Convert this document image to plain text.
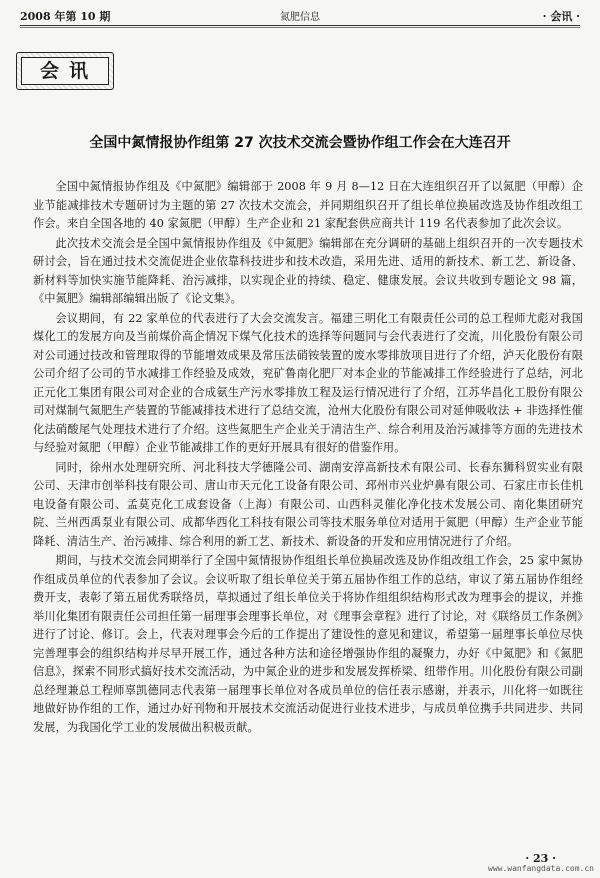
2008 年第 10 期	氮肥信息	· 会讯 ·
会讯
全国中氮情报协作组第 27 次技术交流会暨协作组工作会在大连召开

全国中氮情报协作组及《中氮肥》编辑部于 2008 年 9 月 8—12 日在大连组织召开了以氮肥（甲醇）企业节能减排技术专题研讨为主题的第 27 次技术交流会，并同期组织召开了组长单位换届改选及协作组改组工作会。来自全国各地的 40 家氮肥（甲醇）生产企业和 21 家配套供应商共计 119 名代表参加了此次会议。

此次技术交流会是全国中氮情报协作组及《中氮肥》编辑部在充分调研的基础上组织召开的一次专题技术研讨会，旨在通过技术交流促进企业依靠科技进步和技术改造，采用先进、适用的新技术、新工艺、新设备、新材料等加快实施节能降耗、治污减排，以实现企业的持续、稳定、健康发展。会议共收到专题论文 98 篇，《中氮肥》编辑部编辑出版了《论文集》。

会议期间，有 22 家单位的代表进行了大会交流发言。福建三明化工有限责任公司的总工程师尤彪对我国煤化工的发展方向及当前煤价高企情况下煤气化技术的选择等问题同与会代表进行了交流，川化股份有限公司对公司通过技改和管理取得的节能增效成果及常压法硝铵装置的废水零排放项目进行了介绍，泸天化股份有限公司介绍了公司的节水减排工作经验及成效，兖矿鲁南化肥厂对本企业的节能减排工作经验进行了总结，河北正元化工集团有限公司对企业的合成氨生产污水零排放工程及运行情况进行了介绍，江苏华昌化工股份有限公司对煤制气氮肥生产装置的节能减排技术进行了总结交流，沧州大化股份有限公司对延伸吸收法 + 非选择性催化法硝酸尾气处理技术进行了介绍。这些氮肥生产企业关于清洁生产、综合利用及治污减排等方面的先进技术与经验对氮肥（甲醇）企业节能减排工作的更好开展具有很好的借鉴作用。

同时，徐州水处理研究所、河北科技大学德隆公司、湖南安淳高新技术有限公司、长春东狮科贸实业有限公司、天津市创举科技有限公司、唐山市天元化工设备有限公司、邳州市兴业炉鼻有限公司、石家庄市长佳机电设备有限公司、孟莫克化工成套设备（上海）有限公司、山西科灵催化净化技术发展公司、南化集团研究院、兰州西禹泵业有限公司、成都华西化工科技有限公司等技术服务单位对适用于氮肥（甲醇）生产企业节能降耗、清洁生产、治污减排、综合利用的新工艺、新技术、新设备的开发和应用情况进行了介绍。

期间，与技术交流会同期举行了全国中氮情报协作组组长单位换届改选及协作组改组工作会，25 家中氮协作组成员单位的代表参加了会议。会议听取了组长单位关于第五届协作组工作的总结，审议了第五届协作组经费开支，表彰了第五届优秀联络员，草拟通过了组长单位关于将协作组组织结构形式改为理事会的提议，并推举川化集团有限责任公司担任第一届理事会理事长单位，对《理事会章程》进行了讨论，对《联络员工作条例》进行了讨论、修订。会上，代表对理事会今后的工作提出了建设性的意见和建议，希望第一届理事长单位尽快完善理事会的组织结构并尽早开展工作，通过各种方法和途径增强协作组的凝聚力，办好《中氮肥》和《氮肥信息》，探索不同形式搞好技术交流活动，为中氮企业的进步和发展发挥桥梁、纽带作用。川化股份有限公司副总经理兼总工程师辜凯德同志代表第一届理事长单位对各成员单位的信任表示感谢，并表示，川化将一如既往地做好协作组的工作，通过办好刊物和开展技术交流活动促进行业技术进步，与成员单位携手共同进步、共同发展，为我国化学工业的发展做出积极贡献。

· 23 ·
www.wanfangdata.com.cn
